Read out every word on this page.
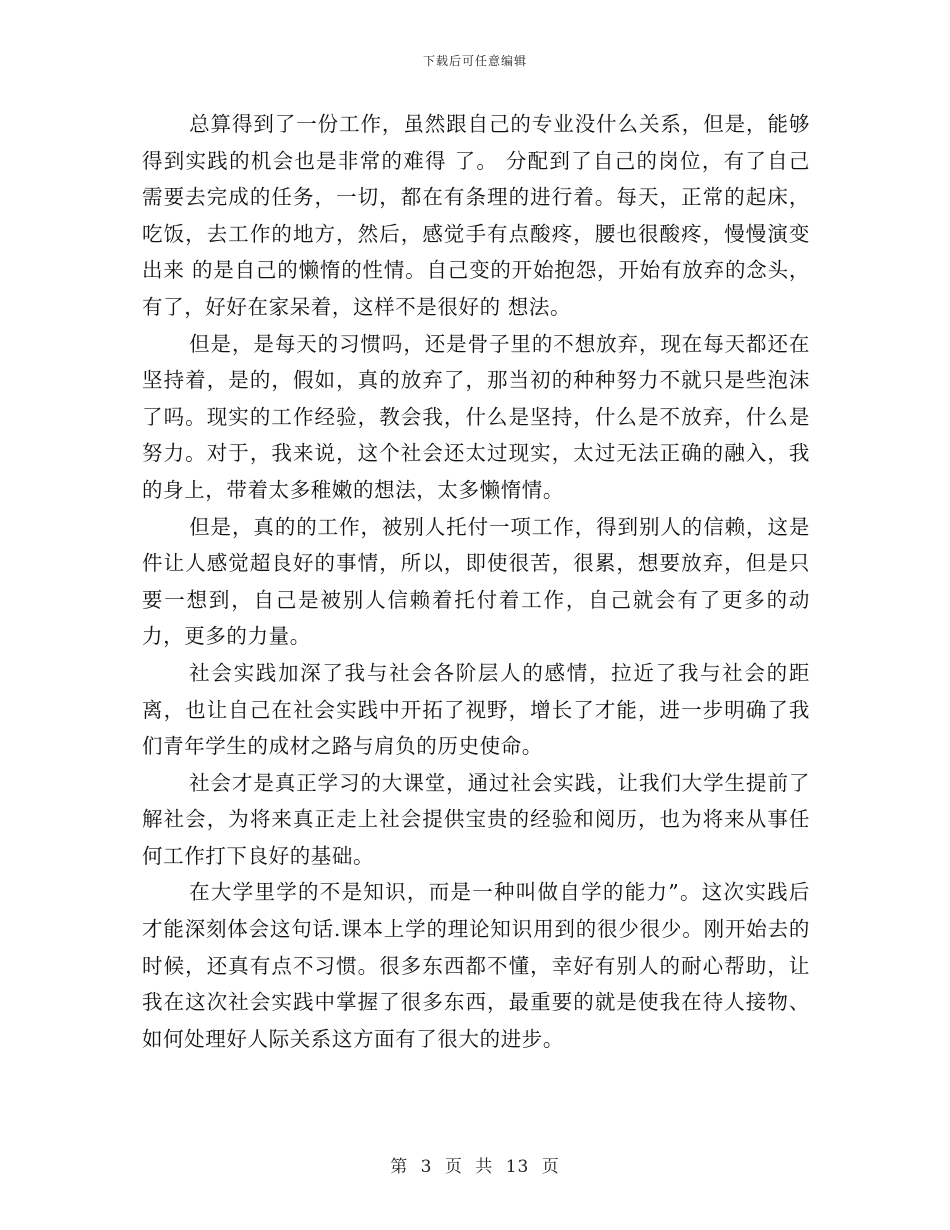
下载后可任意编辑

总算得到了一份工作，虽然跟自己的专业没什么关系，但是，能够得到实践的机会也是非常的难得 了。 分配到了自己的岗位，有了自己需要去完成的任务，一切，都在有条理的进行着。每天，正常的起床，吃饭，去工作的地方，然后，感觉手有点酸疼，腰也很酸疼，慢慢演变出来 的是自己的懒惰的性情。自己变的开始抱怨，开始有放弃的念头，有了，好好在家呆着，这样不是很好的 想法。

但是，是每天的习惯吗，还是骨子里的不想放弃，现在每天都还在坚持着，是的，假如，真的放弃了，那当初的种种努力不就只是些泡沫了吗。现实的工作经验，教会我，什么是坚持，什么是不放弃，什么是努力。对于，我来说，这个社会还太过现实，太过无法正确的融入，我的身上，带着太多稚嫩的想法，太多懒惰情。

但是，真的的工作，被别人托付一项工作，得到别人的信赖，这是件让人感觉超良好的事情，所以，即使很苦，很累，想要放弃，但是只要一想到，自己是被别人信赖着托付着工作，自己就会有了更多的动力，更多的力量。

社会实践加深了我与社会各阶层人的感情，拉近了我与社会的距离，也让自己在社会实践中开拓了视野，增长了才能，进一步明确了我们青年学生的成材之路与肩负的历史使命。

社会才是真正学习的大课堂，通过社会实践，让我们大学生提前了解社会，为将来真正走上社会提供宝贵的经验和阅历，也为将来从事任何工作打下良好的基础。

在大学里学的不是知识，而是一种叫做自学的能力”。这次实践后才能深刻体会这句话.课本上学的理论知识用到的很少很少。刚开始去的时候，还真有点不习惯。很多东西都不懂，幸好有别人的耐心帮助，让我在这次社会实践中掌握了很多东西，最重要的就是使我在待人接物、如何处理好人际关系这方面有了很大的进步。

第 3 页 共 13 页
